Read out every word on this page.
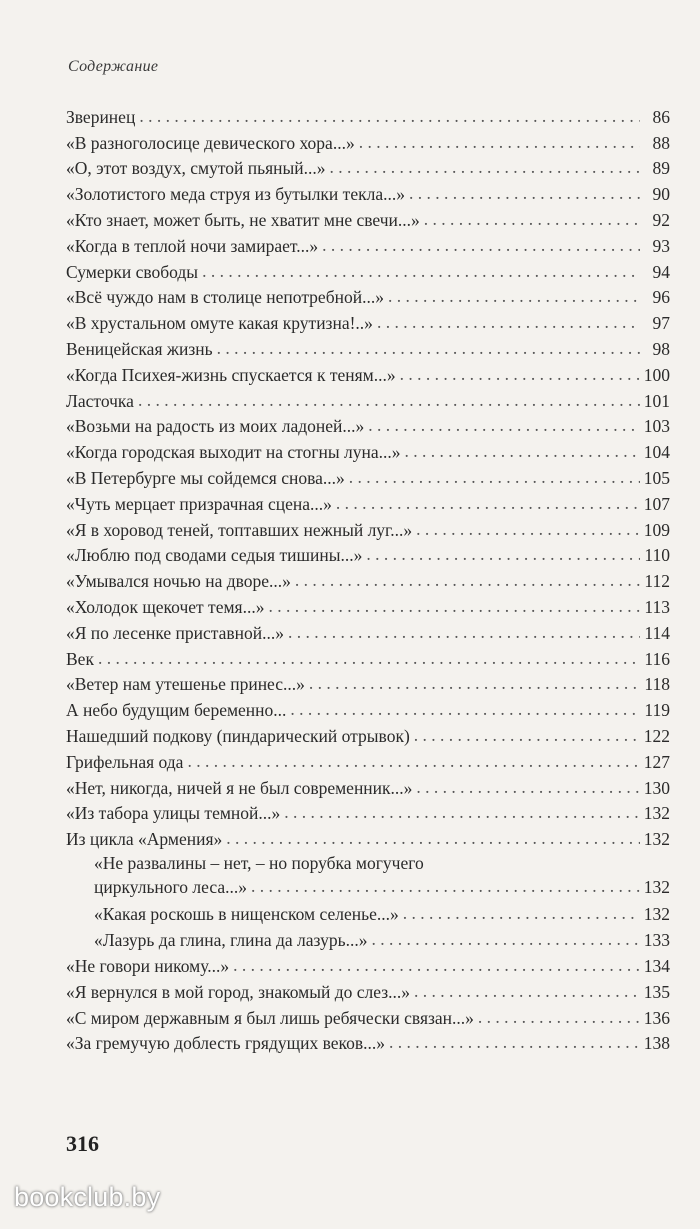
Содержание
Зверинец . . .	86
«В разноголосице девического хора...» . . .	88
«О, этот воздух, смутой пьяный...» . . .	89
«Золотистого меда струя из бутылки текла...» . . .	90
«Кто знает, может быть, не хватит мне свечи...» . . .	92
«Когда в теплой ночи замирает...» . . .	93
Сумерки свободы . . .	94
«Всё чуждо нам в столице непотребной...» . . .	96
«В хрустальном омуте какая крутизна!..» . . .	97
Веницейская жизнь . . .	98
«Когда Психея-жизнь спускается к теням...» . . .	100
Ласточка . . .	101
«Возьми на радость из моих ладоней...» . . .	103
«Когда городская выходит на стогны луна...» . . .	104
«В Петербурге мы сойдемся снова...» . . .	105
«Чуть мерцает призрачная сцена...» . . .	107
«Я в хоровод теней, топтавших нежный луг...» . . .	109
«Люблю под сводами седыя тишины...» . . .	110
«Умывался ночью на дворе...» . . .	112
«Холодок щекочет темя...» . . .	113
«Я по лесенке приставной...» . . .	114
Век . . .	116
«Ветер нам утешенье принес...» . . .	118
А небо будущим беременно... . . .	119
Нашедший подкову (пиндарический отрывок) . . .	122
Грифельная ода . . .	127
«Нет, никогда, ничей я не был современник...» . . .	130
«Из табора улицы темной...» . . .	132
Из цикла «Армения» . . .	132
«Не развалины – нет, – но порубка могучего
циркульного леса...» . . .	132
«Какая роскошь в нищенском селенье...» . . .	132
«Лазурь да глина, глина да лазурь...» . . .	133
«Не говори никому...» . . .	134
«Я вернулся в мой город, знакомый до слез...» . . .	135
«С миром державным я был лишь ребячески связан...» . . .	136
«За гремучую доблесть грядущих веков...» . . .	138
316
bookclub.by
